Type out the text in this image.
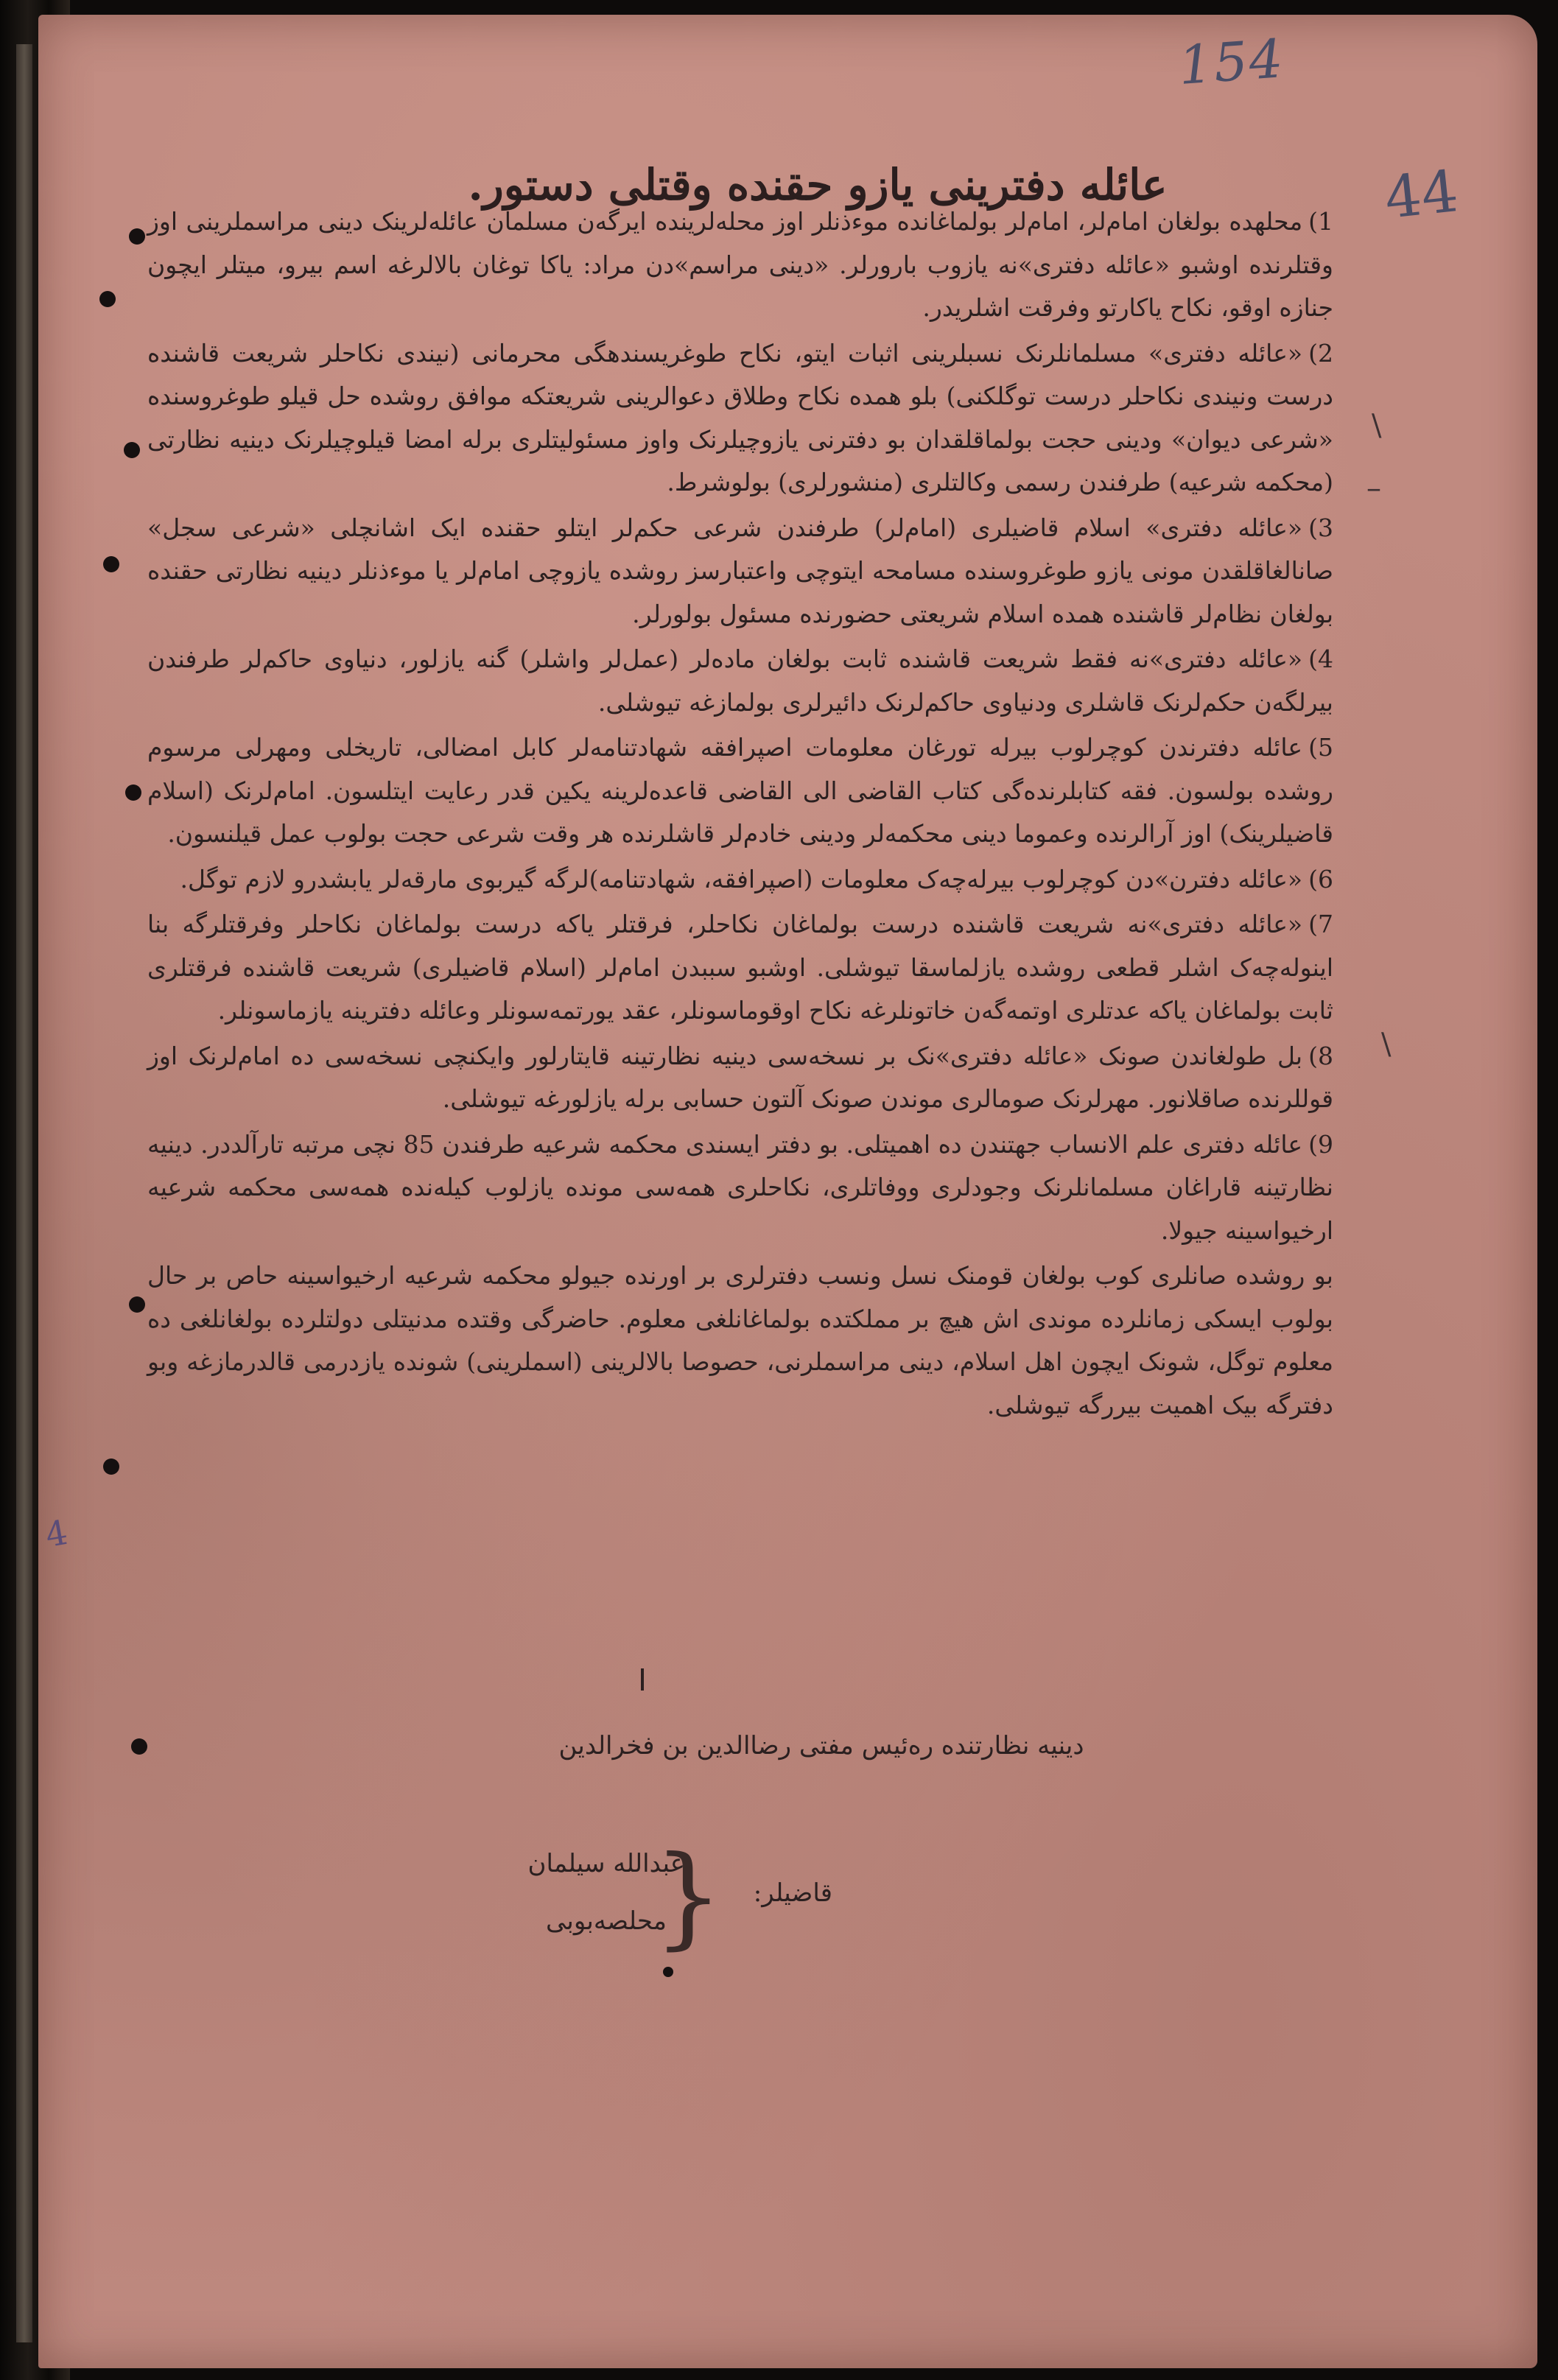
154
44
\
–
\
4
عائله دفترینی یازو حقنده وقتلی دستور.

1)محلهده بولغان امام‌لر، امام‌لر بولماغانده موءذنلر اوز محله‌لرینده ایرگەن مسلمان عائله‌لرینک دینی مراسملرینی اوز وقتلرنده اوشبو «عائله دفتری»نه یازوب بارورلر. «دینی مراسم»دن مراد: یاکا توغان بالالرغه اسم بیرو، میتلر ایچون جنازه اوقو، نکاح یاکارتو وفرقت اشلریدر.

2)«عائله دفتری» مسلمانلرنک نسبلرینی اثبات ایتو، نکاح طوغریسندهگی محرمانی (نیندی نکاحلر شریعت قاشنده درست ونیندی نکاحلر درست توگلکنی) بلو همده نکاح وطلاق دعوالرینی شریعتکه موافق روشده حل قیلو طوغروسنده «شرعی دیوان» ودینی حجت بولماقلقدان بو دفترنی یازوچیلرنک واوز مسئولیتلری برله امضا قیلوچیلرنک دینیه نظارتی (محکمه شرعیه) طرفندن رسمی وکالتلری (منشورلری) بولوشرط.

3)«عائله دفتری» اسلام قاضیلری (امام‌لر) طرفندن شرعی حکم‌لر ایتلو حقنده ایک اشانچلی «شرعی سجل» صانالغاقلقدن مونی یازو طوغروسنده مسامحه ایتوچی واعتبارسز روشده یازوچی امام‌لر یا موءذنلر دینیه نظارتی حقنده بولغان نظام‌لر قاشنده همده اسلام شریعتی حضورنده مسئول بولورلر.

4)«عائله دفتری»نه فقط شریعت قاشنده ثابت بولغان ماده‌لر (عمل‌لر واشلر) گنه یازلور، دنیاوی حاکم‌لر طرفندن بیرلگەن حکم‌لرنک قاشلری ودنیاوی حاکم‌لرنک دائیرلری بولمازغه تیوشلی.

5)عائله دفترندن کوچرلوب بیرله تورغان معلومات اصپرافقه شهادتنامه‌لر کابل امضالی، تاریخلی ومهرلی مرسوم روشده بولسون. فقه کتابلرنده‌گی کتاب القاضی الی القاضی قاعده‌لرینه یکین قدر رعایت ایتلسون. امام‌لرنک (اسلام قاضیلرینک) اوز آرالرنده وعموما دینی محکمه‌لر ودینی خادم‌لر قاشلرنده هر وقت شرعی حجت بولوب عمل قیلنسون.

6)«عائله دفترن»دن کوچرلوب بیرلەچەک معلومات (اصپرافقه، شهادتنامه)لرگه گیربوی مارقه‌لر یابشدرو لازم توگل.

7)«عائله دفتری»نه شریعت قاشنده درست بولماغان نکاحلر، فرقتلر یاکه درست بولماغان نکاحلر وفرقتلرگه بنا اینوله‌چەک اشلر قطعی روشده یازلماسقا تیوشلی. اوشبو سببدن امام‌لر (اسلام قاضیلری) شریعت قاشنده فرقتلری ثابت بولماغان یاکه عدتلری اوتمەگەن خاتونلرغه نکاح اوقوماسونلر، عقد یورتمەسونلر وعائله دفترینه یازماسونلر.

8)بل طولغاندن صونک «عائله دفتری»نک بر نسخەسی دینیه نظارتینه قایتارلور وایکنچی نسخەسی ده امام‌لرنک اوز قوللرنده صاقلانور. مهرلرنک صومالری موندن صونک آلتون حسابی برله یازلورغه تیوشلی.

9)عائله دفتری علم الانساب جهتندن ده اهمیتلی. بو دفتر ایسندی محکمه شرعیه طرفندن 85 نچی مرتبه تارآلددر. دینیه نظارتینه قاراغان مسلمانلرنک وجودلری ووفاتلری، نکاحلری همەسی مونده یازلوب کیلەنده همەسی محکمه شرعیه ارخیواسینه جیولا.

بو روشده صانلری کوب بولغان قومنک نسل ونسب دفترلری بر اورنده جیولو محکمه شرعیه ارخیواسینه حاص بر حال بولوب ایسکی زمانلرده موندی اش هیچ بر مملکتده بولماغانلغی معلوم. حاضرگی وقتده مدنیتلی دولتلرده بولغانلغی ده معلوم توگل، شونک ایچون اهل اسلام، دینی مراسملرنی، حصوصا بالالرینی (اسملرینی) شونده یازدرمی قالدرمازغه وبو دفترگه بیک اهمیت بیررگه تیوشلی.

دینیه نظارتنده رەئیس مفتی رضاالدین بن فخرالدین
قاضیلر:
{
عبدالله سیلمان
محلصه‌بوبی
